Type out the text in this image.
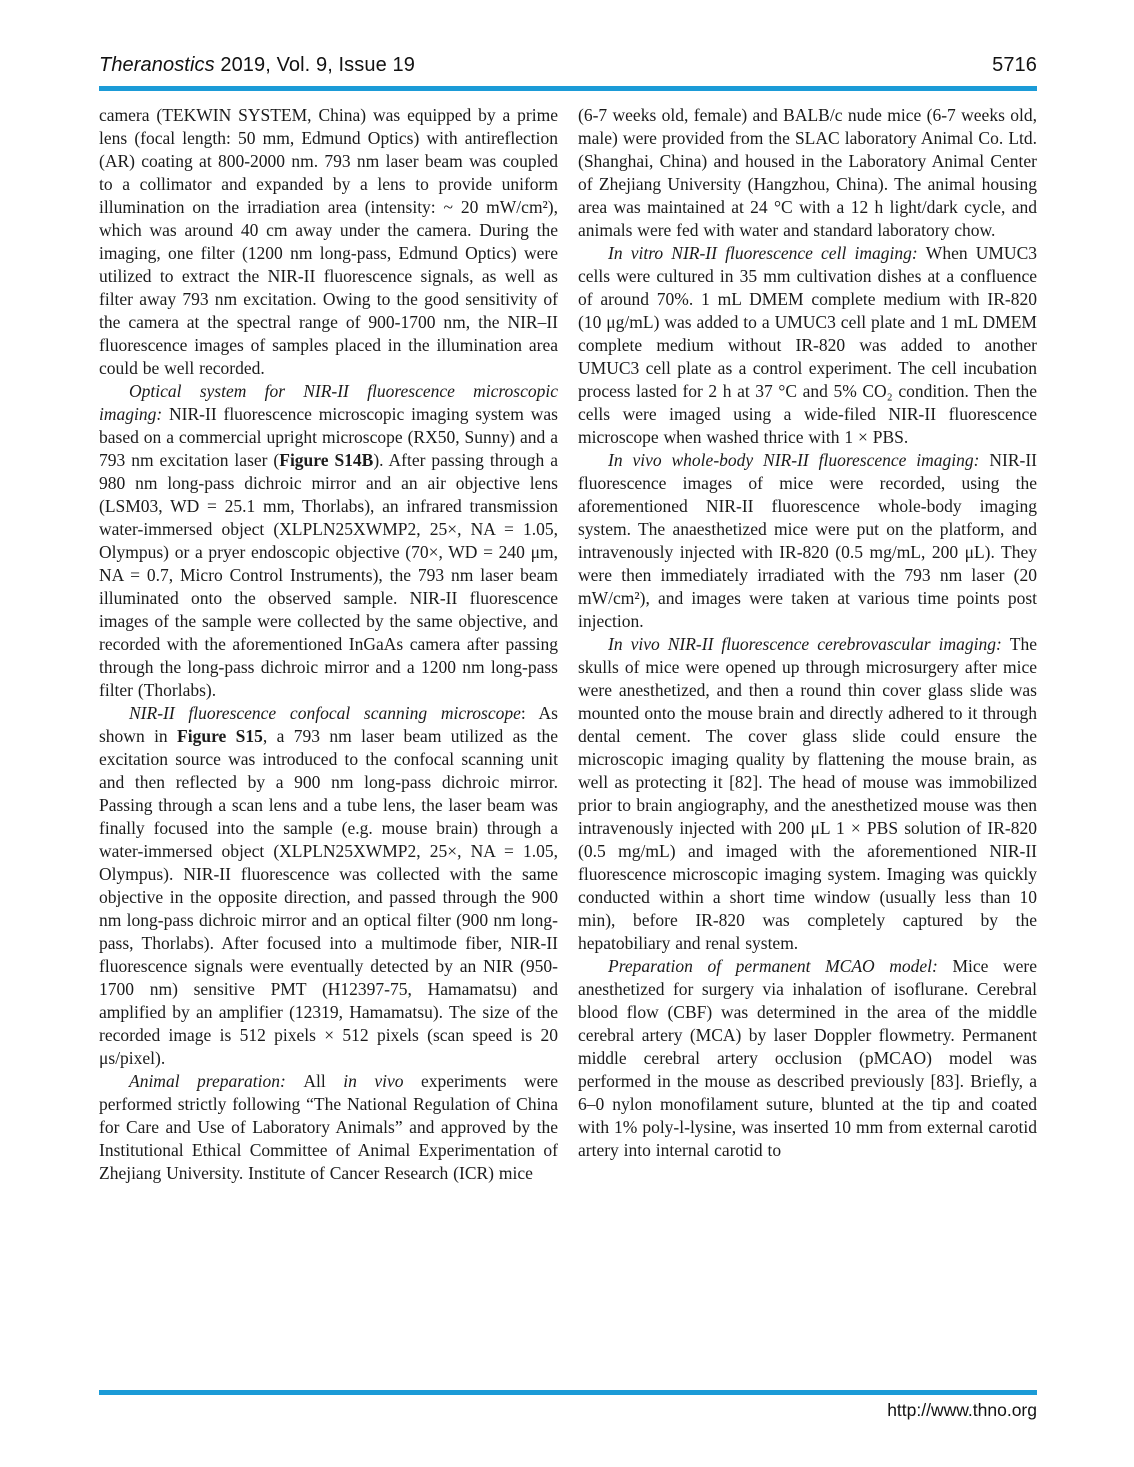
Theranostics 2019, Vol. 9, Issue 19	5716

camera (TEKWIN SYSTEM, China) was equipped by a prime lens (focal length: 50 mm, Edmund Optics) with antireflection (AR) coating at 800-2000 nm. 793 nm laser beam was coupled to a collimator and expanded by a lens to provide uniform illumination on the irradiation area (intensity: ~ 20 mW/cm²), which was around 40 cm away under the camera. During the imaging, one filter (1200 nm long-pass, Edmund Optics) were utilized to extract the NIR-II fluorescence signals, as well as filter away 793 nm excitation. Owing to the good sensitivity of the camera at the spectral range of 900-1700 nm, the NIR–II fluorescence images of samples placed in the illumination area could be well recorded.

Optical system for NIR-II fluorescence microscopic imaging: NIR-II fluorescence microscopic imaging system was based on a commercial upright microscope (RX50, Sunny) and a 793 nm excitation laser (Figure S14B). After passing through a 980 nm long-pass dichroic mirror and an air objective lens (LSM03, WD = 25.1 mm, Thorlabs), an infrared transmission water-immersed object (XLPLN25XWMP2, 25×, NA = 1.05, Olympus) or a pryer endoscopic objective (70×, WD = 240 μm, NA = 0.7, Micro Control Instruments), the 793 nm laser beam illuminated onto the observed sample. NIR-II fluorescence images of the sample were collected by the same objective, and recorded with the aforementioned InGaAs camera after passing through the long-pass dichroic mirror and a 1200 nm long-pass filter (Thorlabs).

NIR-II fluorescence confocal scanning microscope: As shown in Figure S15, a 793 nm laser beam utilized as the excitation source was introduced to the confocal scanning unit and then reflected by a 900 nm long-pass dichroic mirror. Passing through a scan lens and a tube lens, the laser beam was finally focused into the sample (e.g. mouse brain) through a water-immersed object (XLPLN25XWMP2, 25×, NA = 1.05, Olympus). NIR-II fluorescence was collected with the same objective in the opposite direction, and passed through the 900 nm long-pass dichroic mirror and an optical filter (900 nm long-pass, Thorlabs). After focused into a multimode fiber, NIR-II fluorescence signals were eventually detected by an NIR (950-1700 nm) sensitive PMT (H12397-75, Hamamatsu) and amplified by an amplifier (12319, Hamamatsu). The size of the recorded image is 512 pixels × 512 pixels (scan speed is 20 μs/pixel).

Animal preparation: All in vivo experiments were performed strictly following “The National Regulation of China for Care and Use of Laboratory Animals” and approved by the Institutional Ethical Committee of Animal Experimentation of Zhejiang University. Institute of Cancer Research (ICR) mice

(6-7 weeks old, female) and BALB/c nude mice (6-7 weeks old, male) were provided from the SLAC laboratory Animal Co. Ltd. (Shanghai, China) and housed in the Laboratory Animal Center of Zhejiang University (Hangzhou, China). The animal housing area was maintained at 24 °C with a 12 h light/dark cycle, and animals were fed with water and standard laboratory chow.

In vitro NIR-II fluorescence cell imaging: When UMUC3 cells were cultured in 35 mm cultivation dishes at a confluence of around 70%. 1 mL DMEM complete medium with IR-820 (10 μg/mL) was added to a UMUC3 cell plate and 1 mL DMEM complete medium without IR-820 was added to another UMUC3 cell plate as a control experiment. The cell incubation process lasted for 2 h at 37 °C and 5% CO₂ condition. Then the cells were imaged using a wide-filed NIR-II fluorescence microscope when washed thrice with 1 × PBS.

In vivo whole-body NIR-II fluorescence imaging: NIR-II fluorescence images of mice were recorded, using the aforementioned NIR-II fluorescence whole-body imaging system. The anaesthetized mice were put on the platform, and intravenously injected with IR-820 (0.5 mg/mL, 200 μL). They were then immediately irradiated with the 793 nm laser (20 mW/cm²), and images were taken at various time points post injection.

In vivo NIR-II fluorescence cerebrovascular imaging: The skulls of mice were opened up through microsurgery after mice were anesthetized, and then a round thin cover glass slide was mounted onto the mouse brain and directly adhered to it through dental cement. The cover glass slide could ensure the microscopic imaging quality by flattening the mouse brain, as well as protecting it [82]. The head of mouse was immobilized prior to brain angiography, and the anesthetized mouse was then intravenously injected with 200 μL 1 × PBS solution of IR-820 (0.5 mg/mL) and imaged with the aforementioned NIR-II fluorescence microscopic imaging system. Imaging was quickly conducted within a short time window (usually less than 10 min), before IR-820 was completely captured by the hepatobiliary and renal system.

Preparation of permanent MCAO model: Mice were anesthetized for surgery via inhalation of isoflurane. Cerebral blood flow (CBF) was determined in the area of the middle cerebral artery (MCA) by laser Doppler flowmetry. Permanent middle cerebral artery occlusion (pMCAO) model was performed in the mouse as described previously [83]. Briefly, a 6–0 nylon monofilament suture, blunted at the tip and coated with 1% poly-l-lysine, was inserted 10 mm from external carotid artery into internal carotid to

http://www.thno.org
